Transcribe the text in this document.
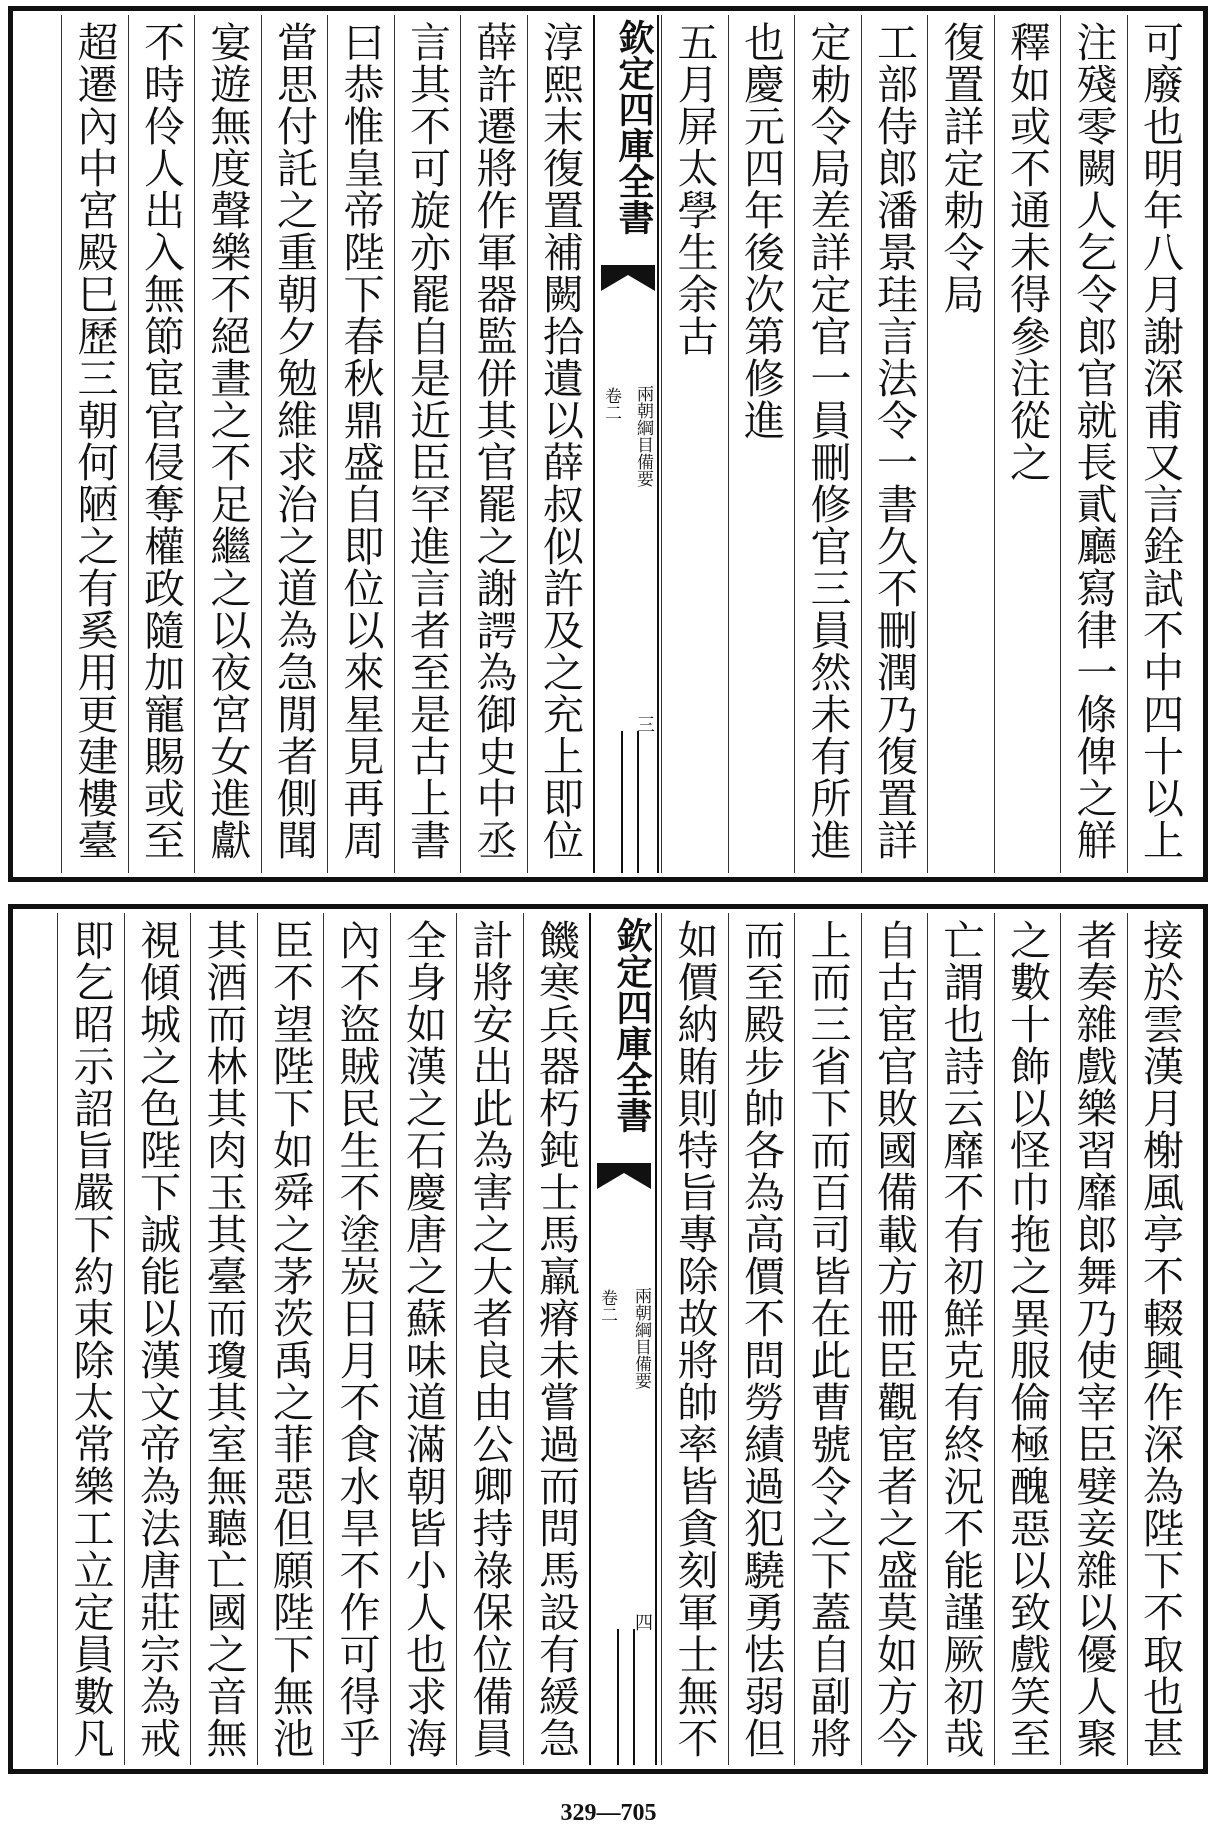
可廢也明年八月謝深甫又言銓試不中四十以上
注殘零闕人乞令郎官就長貳廳寫律一條俾之觧
釋如或不通未得參注從之
復置詳定勅令局
工部侍郎潘景珪言法令一書久不刪潤乃復置詳
定勅令局差詳定官一員刪修官三員然未有所進
也慶元四年後次第修進
五月屏太學生余古
淳熙末復置補闕拾遺以薛叔似許及之充上即位
薛許遷將作軍器監併其官罷之謝諤為御史中丞
言其不可旋亦罷自是近臣罕進言者至是古上書
曰恭惟皇帝陛下春秋鼎盛自即位以來星見再周
當思付託之重朝夕勉維求治之道為急閒者側聞
宴遊無度聲樂不絕晝之不足繼之以夜宮女進獻
不時伶人出入無節宦官侵奪權政隨加寵賜或至
超遷內中宮殿巳歷三朝何陋之有奚用更建樓臺	欽定四庫全書
兩朝綱目備要
卷二
三
接於雲漢月榭風亭不輟興作深為陛下不取也甚
者奏雜戲樂習靡郎舞乃使宰臣嬖妾雜以優人聚
之數十飾以怪巾拖之異服倫極醜惡以致戲笑至
亡謂也詩云靡不有初鮮克有終況不能謹厥初哉
自古宦官敗國備載方冊臣觀宦者之盛莫如方今
上而三省下而百司皆在此曹號令之下蓋自副將
而至殿步帥各為高價不問勞績過犯驍勇怯弱但
如價納賄則特旨專除故將帥率皆貪刻軍士無不
饑寒兵器朽鈍士馬羸瘠未嘗過而問馬設有緩急
計將安出此為害之大者良由公卿持祿保位備員
全身如漢之石慶唐之蘇味道滿朝皆小人也求海
內不盜賊民生不塗炭日月不食水旱不作可得乎
臣不望陛下如舜之茅茨禹之菲惡但願陛下無池
其酒而林其肉玉其臺而瓊其室無聽亡國之音無
視傾城之色陛下誠能以漢文帝為法唐莊宗為戒
即乞昭示詔旨嚴下約束除太常樂工立定員數凡	欽定四庫全書
兩朝綱目備要
卷二
四
329—705
